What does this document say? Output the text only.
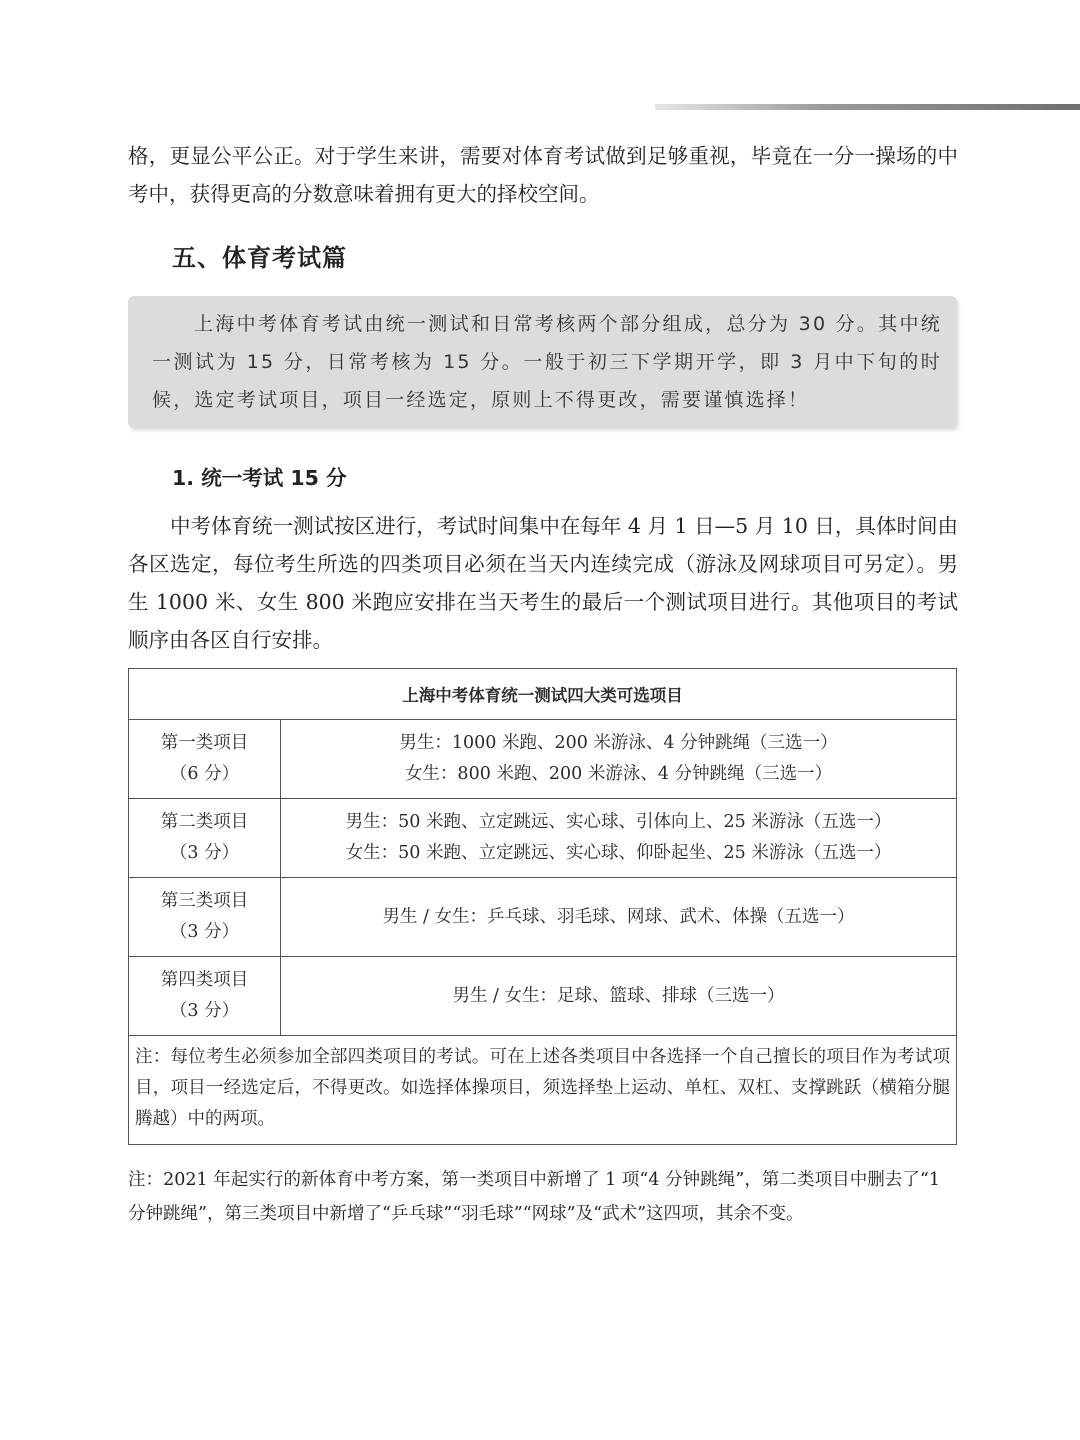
格，更显公平公正。对于学生来讲，需要对体育考试做到足够重视，毕竟在一分一操场的中考中，获得更高的分数意味着拥有更大的择校空间。

五、体育考试篇

上海中考体育考试由统一测试和日常考核两个部分组成，总分为 30 分。其中统一测试为 15 分，日常考核为 15 分。一般于初三下学期开学，即 3 月中下旬的时候，选定考试项目，项目一经选定，原则上不得更改，需要谨慎选择！

1. 统一考试 15 分

中考体育统一测试按区进行，考试时间集中在每年 4 月 1 日—5 月 10 日，具体时间由各区选定，每位考生所选的四类项目必须在当天内连续完成（游泳及网球项目可另定）。男生 1000 米、女生 800 米跑应安排在当天考生的最后一个测试项目进行。其他项目的考试顺序由各区自行安排。

上海中考体育统一测试四大类可选项目	

第一类项目
（6 分）	男生：1000 米跑、200 米游泳、4 分钟跳绳（三选一）
女生：800 米跑、200 米游泳、4 分钟跳绳（三选一）

第二类项目
（3 分）	男生：50 米跑、立定跳远、实心球、引体向上、25 米游泳（五选一）
女生：50 米跑、立定跳远、实心球、仰卧起坐、25 米游泳（五选一）

第三类项目
（3 分）	男生 / 女生：乒乓球、羽毛球、网球、武术、体操（五选一）

第四类项目
（3 分）	男生 / 女生：足球、篮球、排球（三选一）

注：每位考生必须参加全部四类项目的考试。可在上述各类项目中各选择一个自己擅长的项目作为考试项目，项目一经选定后，不得更改。如选择体操项目，须选择垫上运动、单杠、双杠、支撑跳跃（横箱分腿腾越）中的两项。	

注：2021 年起实行的新体育中考方案，第一类项目中新增了 1 项“4 分钟跳绳”，第二类项目中删去了“1 分钟跳绳”，第三类项目中新增了“乒乓球”“羽毛球”“网球”及“武术”这四项，其余不变。
